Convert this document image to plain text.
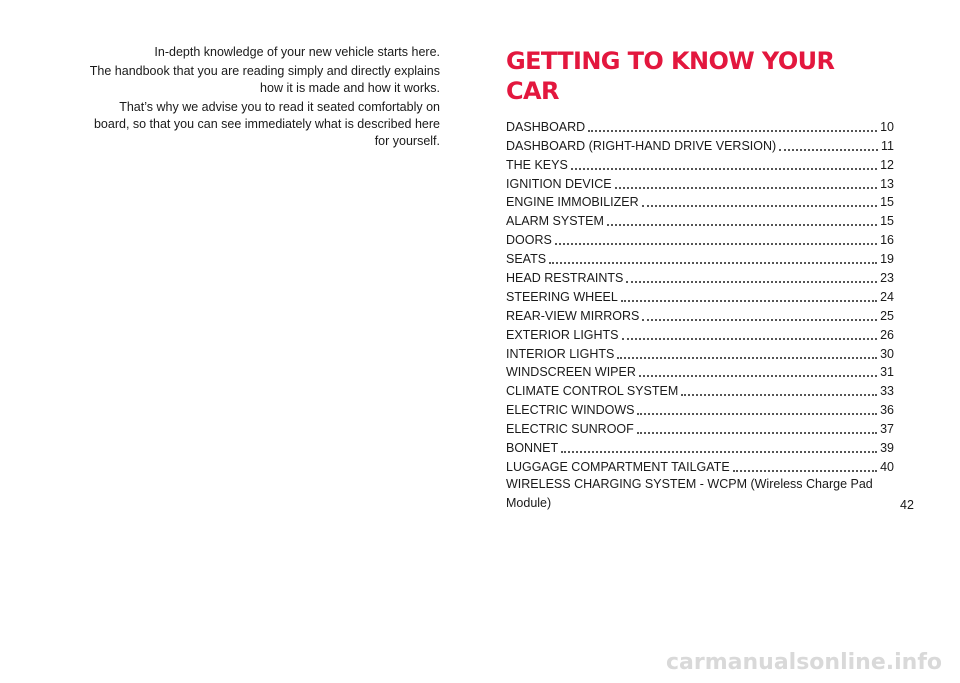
In-depth knowledge of your new vehicle starts here.

The handbook that you are reading simply and directly explains how it is made and how it works.

That’s why we advise you to read it seated comfortably on board, so that you can see immediately what is described here for yourself.

GETTING TO KNOW YOUR CAR
DASHBOARD	10
DASHBOARD (RIGHT-HAND DRIVE VERSION)	11
THE KEYS	12
IGNITION DEVICE	13
ENGINE IMMOBILIZER	15
ALARM SYSTEM	15
DOORS	16
SEATS	19
HEAD RESTRAINTS	23
STEERING WHEEL	24
REAR-VIEW MIRRORS	25
EXTERIOR LIGHTS	26
INTERIOR LIGHTS	30
WINDSCREEN WIPER	31
CLIMATE CONTROL SYSTEM	33
ELECTRIC WINDOWS	36
ELECTRIC SUNROOF	37
BONNET	39
LUGGAGE COMPARTMENT TAILGATE	40
WIRELESS CHARGING SYSTEM - WCPM (Wireless Charge Pad
Module)	42
carmanualsonline.info
